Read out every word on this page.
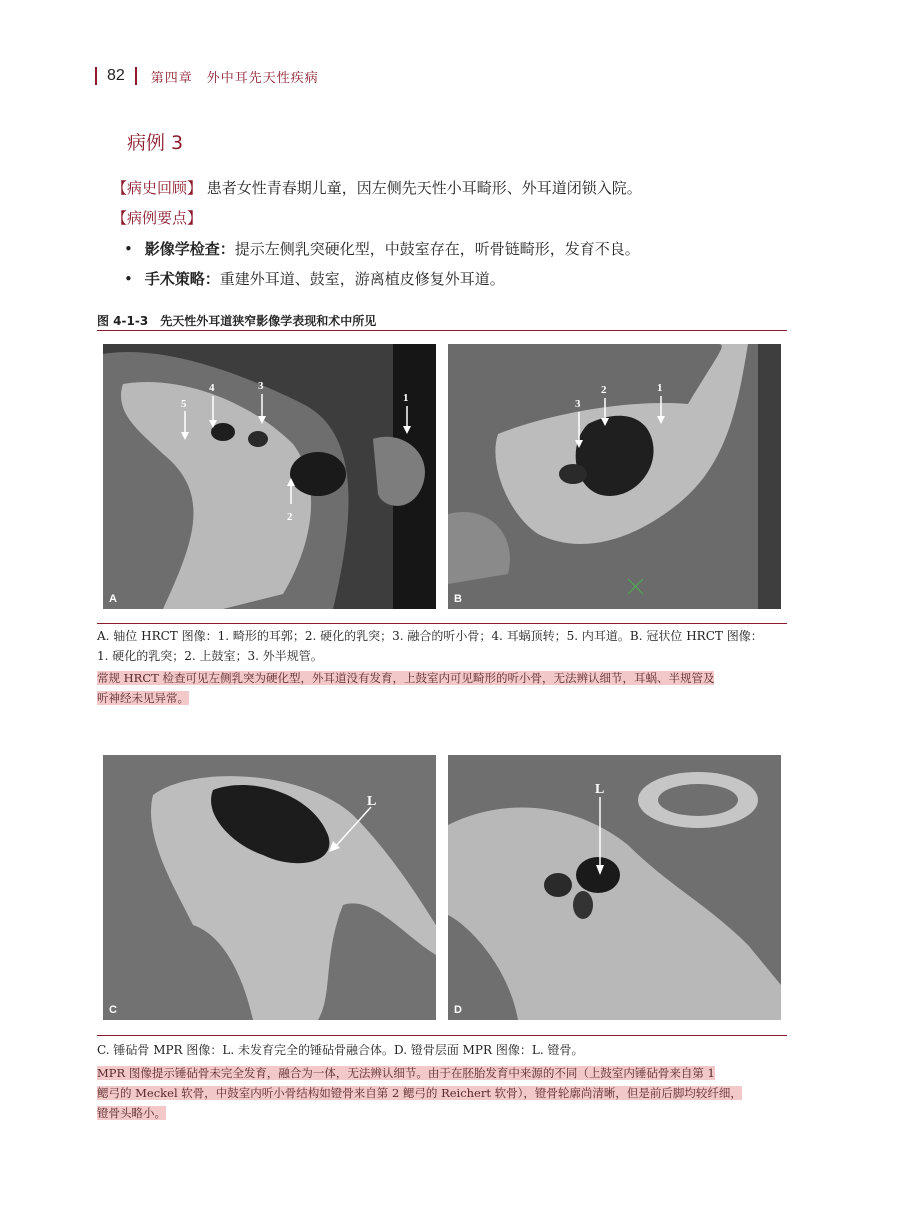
82 第四章　外中耳先天性疾病
病例 3
【病史回顾】 患者女性青春期儿童，因左侧先天性小耳畸形、外耳道闭锁入院。
【病例要点】
• 影像学检查：提示左侧乳突硬化型，中鼓室存在，听骨链畸形，发育不良。
• 手术策略：重建外耳道、鼓室，游离植皮修复外耳道。
图 4-1-3　先天性外耳道狭窄影像学表现和术中所见
4	3
5	1
2
A
1
2
3
B
A. 轴位 HRCT 图像：1. 畸形的耳郭；2. 硬化的乳突；3. 融合的听小骨；4. 耳蜗顶转；5. 内耳道。B. 冠状位 HRCT 图像：
1. 硬化的乳突；2. 上鼓室；3. 外半规管。
常规 HRCT 检查可见左侧乳突为硬化型，外耳道没有发育，上鼓室内可见畸形的听小骨，无法辨认细节，耳蜗、半规管及
听神经未见异常。
L
C
L
D
C. 锤砧骨 MPR 图像：L. 未发育完全的锤砧骨融合体。D. 镫骨层面 MPR 图像：L. 镫骨。
MPR 图像提示锤砧骨未完全发育，融合为一体，无法辨认细节。由于在胚胎发育中来源的不同（上鼓室内锤砧骨来自第 1
鳃弓的 Meckel 软骨，中鼓室内听小骨结构如镫骨来自第 2 鳃弓的 Reichert 软骨），镫骨轮廓尚清晰，但是前后脚均较纤细，
镫骨头略小。
